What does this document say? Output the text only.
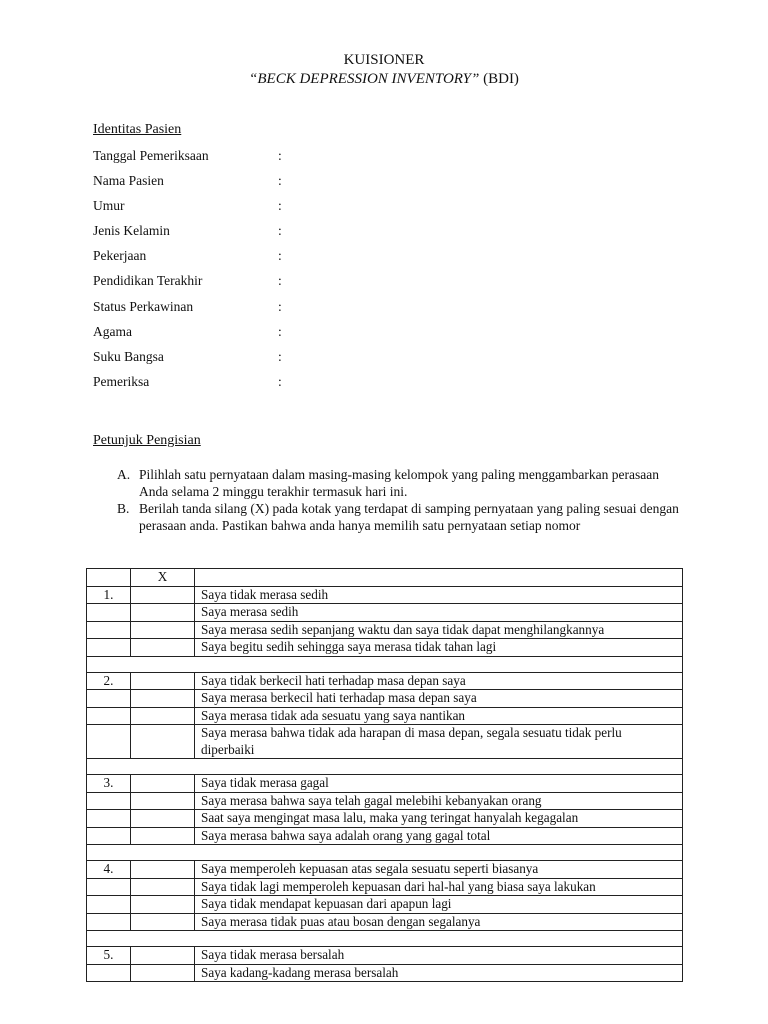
KUISIONER
“BECK DEPRESSION INVENTORY” (BDI)
Identitas Pasien
Tanggal Pemeriksaan	:
Nama Pasien	:
Umur	:
Jenis Kelamin	:
Pekerjaan	:
Pendidikan Terakhir	:
Status Perkawinan	:
Agama	:
Suku Bangsa	:
Pemeriksa	:
Petunjuk Pengisian
A. Pilihlah satu pernyataan dalam masing-masing kelompok yang paling menggambarkan perasaan Anda selama 2 minggu terakhir termasuk hari ini.
B. Berilah tanda silang (X) pada kotak yang terdapat di samping pernyataan yang paling sesuai dengan perasaan anda. Pastikan bahwa anda hanya memilih satu pernyataan setiap nomor
	X	
1.		Saya tidak merasa sedih
		Saya merasa sedih
		Saya merasa sedih sepanjang waktu dan saya tidak dapat menghilangkannya
		Saya begitu sedih sehingga saya merasa tidak tahan lagi

2.		Saya tidak berkecil hati terhadap masa depan saya
		Saya merasa berkecil hati terhadap masa depan saya
		Saya merasa tidak ada sesuatu yang saya nantikan
		Saya merasa bahwa tidak ada harapan di masa depan, segala sesuatu tidak perlu diperbaiki

3.		Saya tidak merasa gagal
		Saya merasa bahwa saya telah gagal melebihi kebanyakan orang
		Saat saya mengingat masa lalu, maka yang teringat hanyalah kegagalan
		Saya merasa bahwa saya adalah orang yang gagal total

4.		Saya memperoleh kepuasan atas segala sesuatu seperti biasanya
		Saya tidak lagi memperoleh kepuasan dari hal-hal yang biasa saya lakukan
		Saya tidak mendapat kepuasan dari apapun lagi
		Saya merasa tidak puas atau bosan dengan segalanya

5.		Saya tidak merasa bersalah
		Saya kadang-kadang merasa bersalah
